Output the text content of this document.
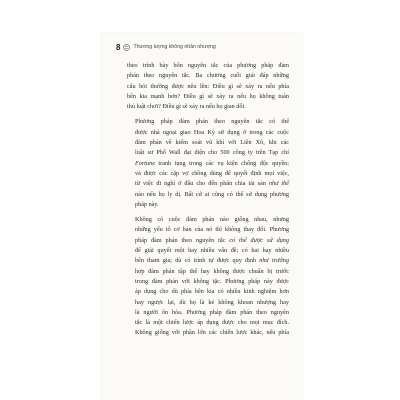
8	Thương lượng không nhân nhượng

theo trình bày bốn nguyên tắc của phương pháp đàm
phán theo nguyên tắc. Ba chương cuối giải đáp những
câu hỏi thường được nêu lên: Điều gì sẽ xảy ra nếu phía
bên kia mạnh hơn? Điều gì sẽ xảy ra nếu họ không tuân
thủ luật chơi? Điều gì sẽ xảy ra nếu họ gian dối.

Phương pháp đàm phán theo nguyên tắc có thể
được nhà ngoại giao Hoa Kỳ sử dụng ở trong các cuộc
đàm phán về kiểm soát vũ khí với Liên Xô, khi các
luật sư Phố Wall đại diện cho 500 công ty trên Tạp chí
Fortune tranh tụng trong các vụ kiện chống độc quyền;
và được các cặp vợ chồng dùng để quyết định mọi việc,
từ việc đi nghỉ ở đâu cho đến phân chia tài sản như thế
nào nếu họ ly dị. Bất cứ ai cũng có thể sử dụng phương
pháp này.

Không có cuộc đàm phán nào giống nhau, nhưng
những yếu tố cơ bản của nó thì không thay đổi. Phương
pháp đàm phán theo nguyên tắc có thể được sử dụng
để giải quyết một hay nhiều vấn đề; có hai hay nhiều
bên tham gia; dù có trình tự được quy định như trường
hợp đàm phán tập thể hay không được chuẩn bị trước
trong đàm phán với không tặc. Phương pháp này được
áp dụng cho dù phía bên kia có nhiều kinh nghiệm hơn
hay ngược lại, dù họ là kẻ không khoan nhượng hay
là người ôn hòa. Phương pháp đàm phán theo nguyên
tắc là một chiến lược áp dụng được cho mọi mục đích.
Không giống với phần lớn các chiến lược khác, nếu phía
